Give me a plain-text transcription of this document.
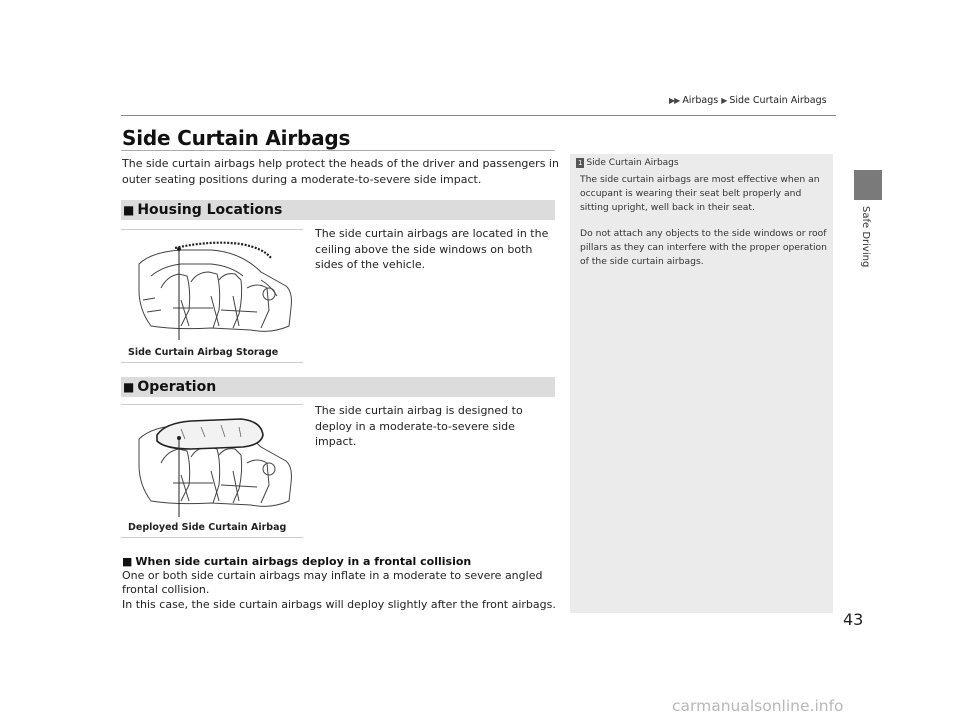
▶▶ Airbags ▶ Side Curtain Airbags
Safe Driving
43
Side Curtain Airbags
The side curtain airbags help protect the heads of the driver and passengers in outer seating positions during a moderate-to-severe side impact.
■ Housing Locations
Side Curtain Airbag Storage
The side curtain airbags are located in the ceiling above the side windows on both sides of the vehicle.
■ Operation
Deployed Side Curtain Airbag
The side curtain airbag is designed to deploy in a moderate-to-severe side impact.
■ When side curtain airbags deploy in a frontal collision
One or both side curtain airbags may inflate in a moderate to severe angled frontal collision.
In this case, the side curtain airbags will deploy slightly after the front airbags.
1 Side Curtain Airbags
The side curtain airbags are most effective when an occupant is wearing their seat belt properly and sitting upright, well back in their seat.
Do not attach any objects to the side windows or roof pillars as they can interfere with the proper operation of the side curtain airbags.
carmanualsonline.info
